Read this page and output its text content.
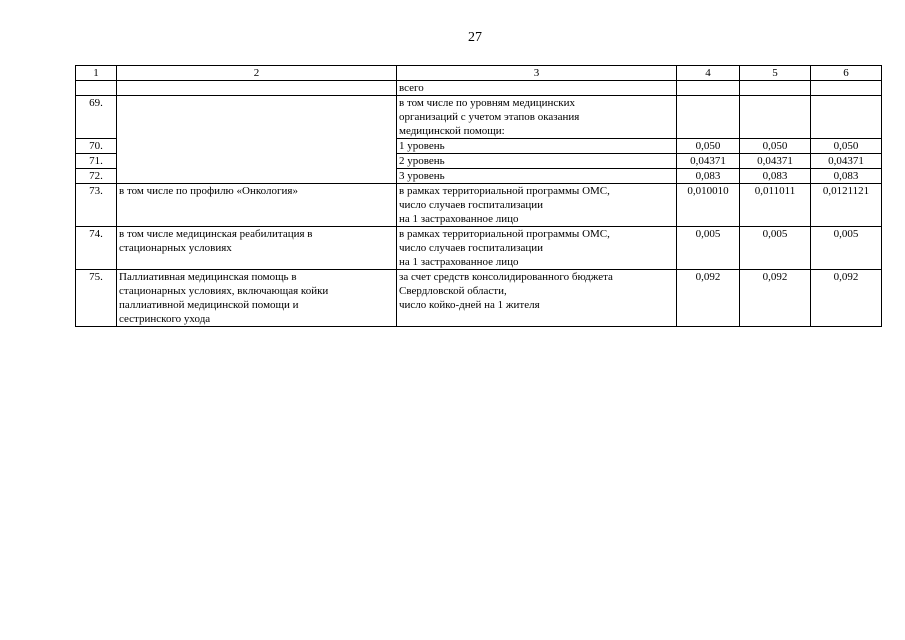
27
1	2	3	4	5	6
		всего			
69.		в том числе по уровням медицинских
организаций с учетом этапов оказания
медицинской помощи:			
70.		1 уровень	0,050	0,050	0,050
71.		2 уровень	0,04371	0,04371	0,04371
72.		3 уровень	0,083	0,083	0,083
73.	в том числе по профилю «Онкология»	в рамках территориальной программы ОМС,
число случаев госпитализации
на 1 застрахованное лицо	0,010010	0,011011	0,0121121
74.	в том числе медицинская реабилитация в
стационарных условиях	в рамках территориальной программы ОМС,
число случаев госпитализации
на 1 застрахованное лицо	0,005	0,005	0,005
75.	Паллиативная медицинская помощь в
стационарных условиях, включающая койки
паллиативной медицинской помощи и
сестринского ухода	за счет средств консолидированного бюджета
Свердловской области,
число койко-дней на 1 жителя	0,092	0,092	0,092
